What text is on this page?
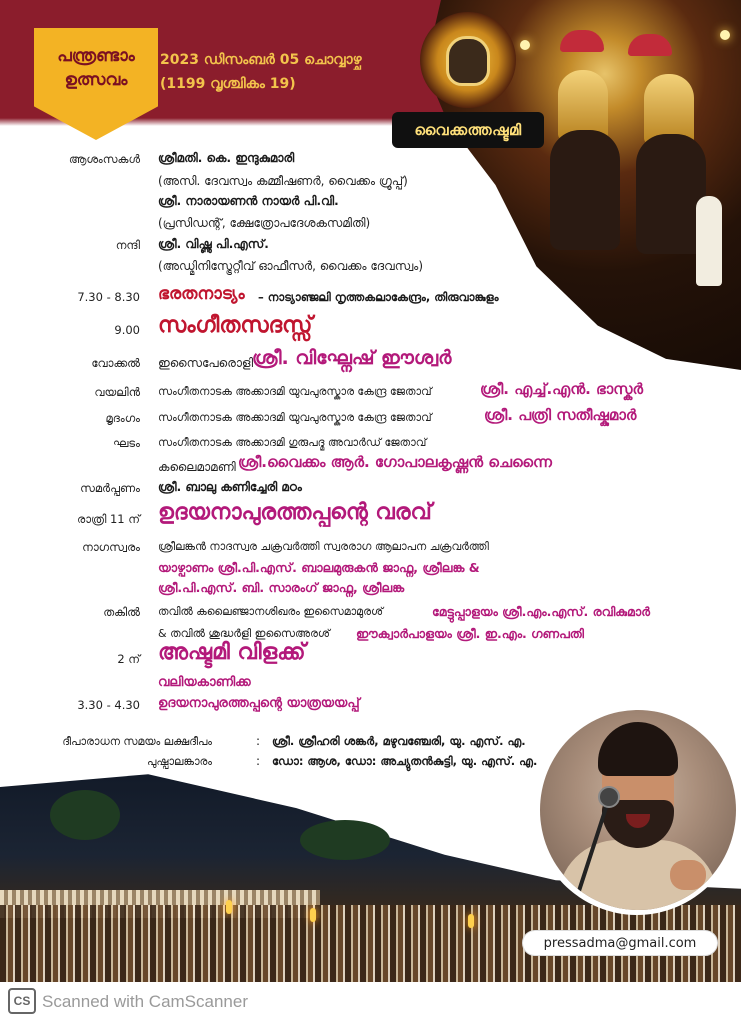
വൈക്കത്തഷ്ടമി
പന്ത്രണ്ടാം
ഉത്സവം
2023 ഡിസംബർ 05 ചൊവ്വാഴ്ച
(1199 വൃശ്ചികം 19)
ആശംസകൾ ശ്രീമതി. കെ. ഇന്ദുകുമാരി
(അസി. ദേവസ്വം കമ്മീഷണർ, വൈക്കം ഗ്രൂപ്പ്)
ശ്രീ. നാരായണൻ നായർ പി.വി.
(പ്രസിഡന്റ്, ക്ഷേത്രോപദേശകസമിതി)
നന്ദി ശ്രീ. വിഷ്ണു പി.എസ്.
(അഡ്മിനിസ്ട്രേറ്റീവ് ഓഫീസർ, വൈക്കം ദേവസ്വം)
7.30 - 8.30 ഭരതനാട്യം – നാട്യാഞ്ജലി നൃത്തകലാകേന്ദ്രം, തിരുവാങ്കുളം
9.00 സംഗീതസദസ്സ്
വോക്കൽ ഇസൈപേരൊളി
ശ്രീ. വിഘ്നേഷ് ഈശ്വർ
വയലിൻ സംഗീതനാടക അക്കാദമി യുവപുരസ്കാര കേന്ദ്ര ജേതാവ്	ശ്രീ. എച്ച്.എൻ. ഭാസ്കർ
മൃദംഗം സംഗീതനാടക അക്കാദമി യുവപുരസ്കാര കേന്ദ്ര ജേതാവ്	ശ്രീ. പത്രി സതീഷ്കുമാർ
ഘടം സംഗീതനാടക അക്കാദമി ഗുരുപദ്മ അവാർഡ് ജേതാവ്
കലൈമാമണി ശ്രീ.വൈക്കം ആർ. ഗോപാലകൃഷ്ണൻ ചെന്നൈ
സമർപ്പണം ശ്രീ. ബാലു കണിച്ചേരി മഠം
രാത്രി 11 ന് ഉദയനാപുരത്തപ്പന്റെ വരവ്
നാഗസ്വരം ശ്രീലങ്കൻ നാദസ്വര ചക്രവർത്തി സ്വരരാഗ ആലാപന ചക്രവർത്തി
യാഴ്പാണം ശ്രീ.പി.എസ്. ബാലമുരുകൻ ജാഫ്ന, ശ്രീലങ്ക &
ശ്രീ.പി.എസ്. ബി. സാരംഗ് ജാഫ്ന, ശ്രീലങ്ക
തകിൽ തവിൽ കലൈഞ്ജാനശിഖരം ഇസൈമാമുരശ്	മേട്ടുപ്പാളയം ശ്രീ.എം.എസ്. രവികുമാർ
& തവിൽ ശുദ്ധർളി ഇസൈഅരശ് ഈക്വാർപാളയം ശ്രീ. ഇ.എം. ഗണപതി
2 ന് അഷ്ടമി വിളക്ക്
വലിയകാണിക്ക
3.30 - 4.30 ഉദയനാപുരത്തപ്പന്റെ യാത്രയയപ്പ്
ദീപാരാധന സമയം ലക്ഷദീപം	: ശ്രീ. ശ്രീഹരി ശങ്കർ, മഴുവഞ്ചേരി, യു. എസ്. എ.
പുഷ്പാലങ്കാരം	: ഡോ: ആശ, ഡോ: അച്യുതൻകുട്ടി, യു. എസ്. എ.
pressadma@gmail.com
CS Scanned with CamScanner
